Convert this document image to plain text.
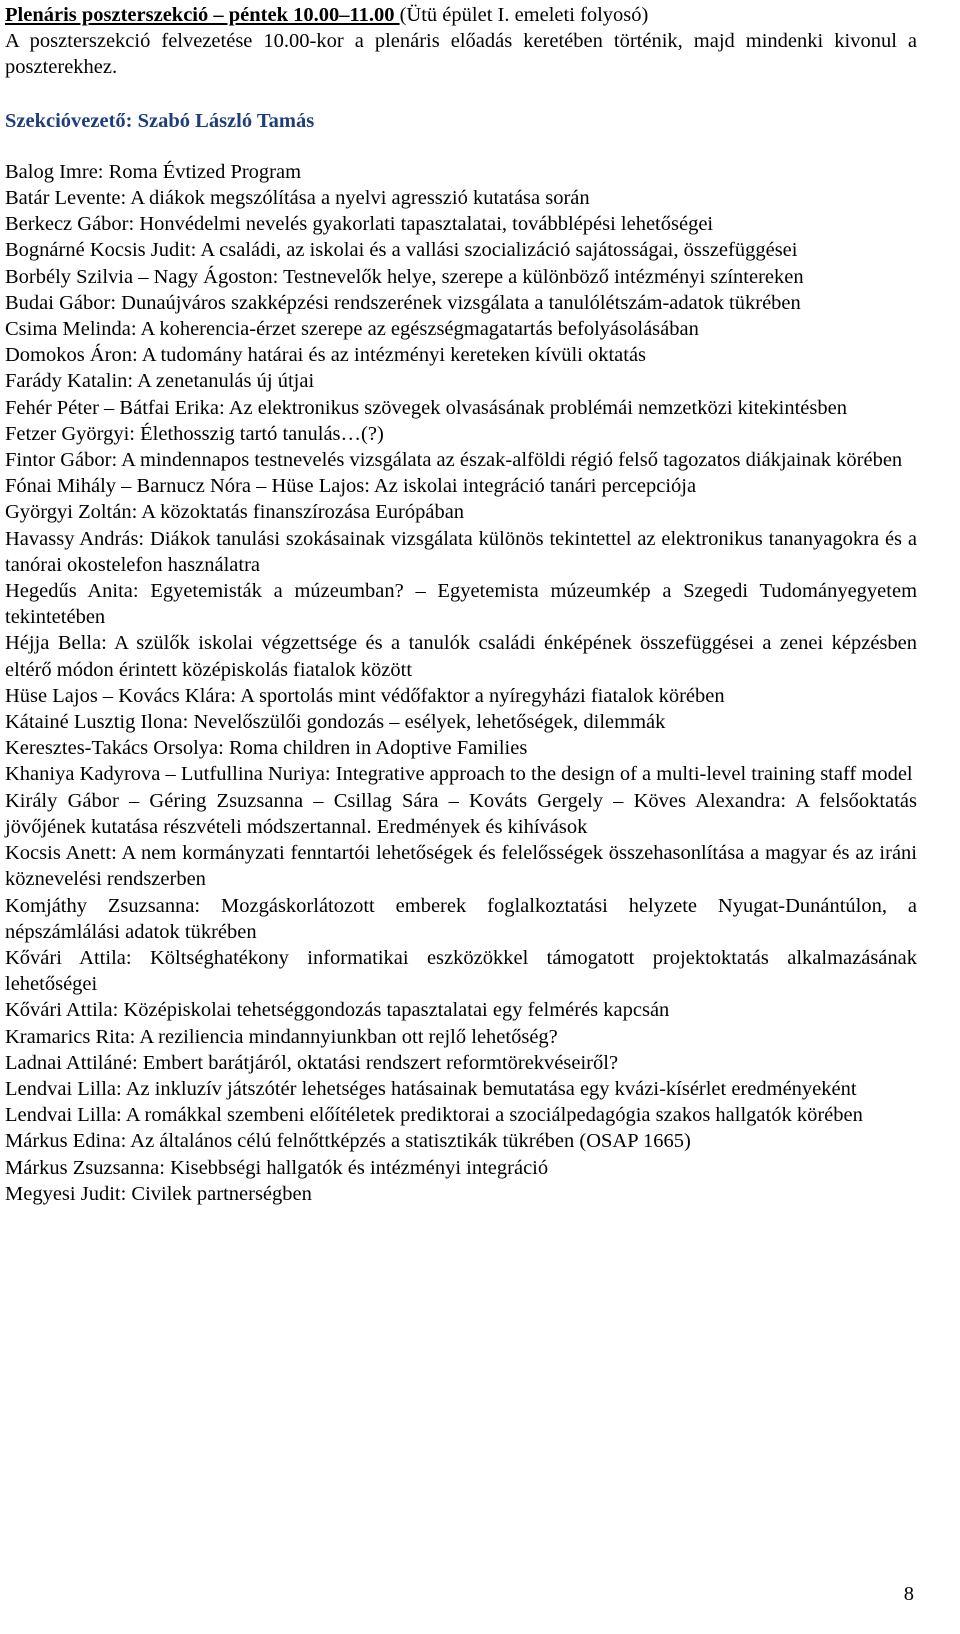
Plenáris poszterszekció – péntek 10.00–11.00 (Ütü épület I. emeleti folyosó)

A poszterszekció felvezetése 10.00-kor a plenáris előadás keretében történik, majd mindenki kivonul a poszterekhez.

Szekcióvezető: Szabó László Tamás

Balog Imre: Roma Évtized Program

Batár Levente: A diákok megszólítása a nyelvi agresszió kutatása során

Berkecz Gábor: Honvédelmi nevelés gyakorlati tapasztalatai, továbblépési lehetőségei

Bognárné Kocsis Judit: A családi, az iskolai és a vallási szocializáció sajátosságai, összefüggései

Borbély Szilvia – Nagy Ágoston: Testnevelők helye, szerepe a különböző intézményi színtereken

Budai Gábor: Dunaújváros szakképzési rendszerének vizsgálata a tanulólétszám-adatok tükrében

Csima Melinda: A koherencia-érzet szerepe az egészségmagatartás befolyásolásában

Domokos Áron: A tudomány határai és az intézményi kereteken kívüli oktatás

Farády Katalin: A zenetanulás új útjai

Fehér Péter – Bátfai Erika: Az elektronikus szövegek olvasásának problémái nemzetközi kitekintésben

Fetzer Györgyi: Élethosszig tartó tanulás…(?)

Fintor Gábor: A mindennapos testnevelés vizsgálata az észak-alföldi régió felső tagozatos diákjainak körében

Fónai Mihály – Barnucz Nóra – Hüse Lajos: Az iskolai integráció tanári percepciója

Györgyi Zoltán: A közoktatás finanszírozása Európában

Havassy András: Diákok tanulási szokásainak vizsgálata különös tekintettel az elektronikus tananyagokra és a tanórai okostelefon használatra

Hegedűs Anita: Egyetemisták a múzeumban? – Egyetemista múzeumkép a Szegedi Tudományegyetem tekintetében

Héjja Bella: A szülők iskolai végzettsége és a tanulók családi énképének összefüggései a zenei képzésben eltérő módon érintett középiskolás fiatalok között

Hüse Lajos – Kovács Klára: A sportolás mint védőfaktor a nyíregyházi fiatalok körében

Kátainé Lusztig Ilona: Nevelőszülői gondozás – esélyek, lehetőségek, dilemmák

Keresztes-Takács Orsolya: Roma children in Adoptive Families

Khaniya Kadyrova – Lutfullina Nuriya: Integrative approach to the design of a multi-level training staff model

Király Gábor – Géring Zsuzsanna – Csillag Sára – Kováts Gergely – Köves Alexandra: A felsőoktatás jövőjének kutatása részvételi módszertannal. Eredmények és kihívások

Kocsis Anett: A nem kormányzati fenntartói lehetőségek és felelősségek összehasonlítása a magyar és az iráni köznevelési rendszerben

Komjáthy Zsuzsanna: Mozgáskorlátozott emberek foglalkoztatási helyzete Nyugat-Dunántúlon, a népszámlálási adatok tükrében

Kővári Attila: Költséghatékony informatikai eszközökkel támogatott projektoktatás alkalmazásának lehetőségei

Kővári Attila: Középiskolai tehetséggondozás tapasztalatai egy felmérés kapcsán

Kramarics Rita: A reziliencia mindannyiunkban ott rejlő lehetőség?

Ladnai Attiláné: Embert barátjáról, oktatási rendszert reformtörekvéseiről?

Lendvai Lilla: Az inkluzív játszótér lehetséges hatásainak bemutatása egy kvázi-kísérlet eredményeként

Lendvai Lilla: A romákkal szembeni előítéletek prediktorai a szociálpedagógia szakos hallgatók körében

Márkus Edina: Az általános célú felnőttképzés a statisztikák tükrében (OSAP 1665)

Márkus Zsuzsanna: Kisebbségi hallgatók és intézményi integráció

Megyesi Judit: Civilek partnerségben

8
